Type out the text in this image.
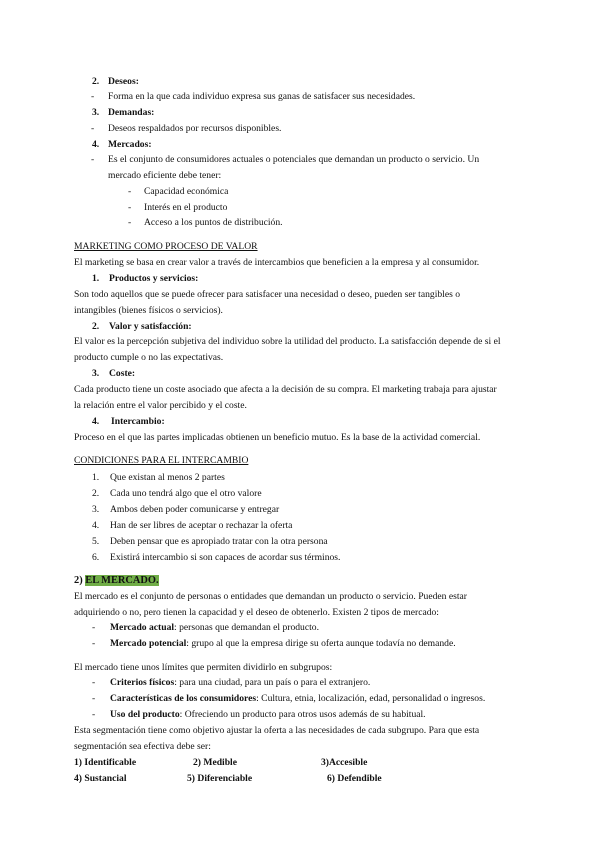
2. Deseos:
- Forma en la que cada individuo expresa sus ganas de satisfacer sus necesidades.
3. Demandas:
- Deseos respaldados por recursos disponibles.
4. Mercados:
- Es el conjunto de consumidores actuales o potenciales que demandan un producto o servicio. Un
mercado eficiente debe tener:
- Capacidad económica
- Interés en el producto
- Acceso a los puntos de distribución.
MARKETING COMO PROCESO DE VALOR
El marketing se basa en crear valor a través de intercambios que beneficien a la empresa y al consumidor.
1. Productos y servicios:
Son todo aquellos que se puede ofrecer para satisfacer una necesidad o deseo, pueden ser tangibles o
intangibles (bienes físicos o servicios).
2. Valor y satisfacción:
El valor es la percepción subjetiva del individuo sobre la utilidad del producto. La satisfacción depende de si el
producto cumple o no las expectativas.
3. Coste:
Cada producto tiene un coste asociado que afecta a la decisión de su compra. El marketing trabaja para ajustar
la relación entre el valor percibido y el coste.
4. Intercambio:
Proceso en el que las partes implicadas obtienen un beneficio mutuo. Es la base de la actividad comercial.
CONDICIONES PARA EL INTERCAMBIO
1. Que existan al menos 2 partes
2. Cada uno tendrá algo que el otro valore
3. Ambos deben poder comunicarse y entregar
4. Han de ser libres de aceptar o rechazar la oferta
5. Deben pensar que es apropiado tratar con la otra persona
6. Existirá intercambio si son capaces de acordar sus términos.
2) EL MERCADO.
El mercado es el conjunto de personas o entidades que demandan un producto o servicio. Pueden estar
adquiriendo o no, pero tienen la capacidad y el deseo de obtenerlo. Existen 2 tipos de mercado:
- Mercado actual: personas que demandan el producto.
- Mercado potencial: grupo al que la empresa dirige su oferta aunque todavía no demande.
El mercado tiene unos límites que permiten dividirlo en subgrupos:
- Criterios físicos: para una ciudad, para un país o para el extranjero.
- Características de los consumidores: Cultura, etnia, localización, edad, personalidad o ingresos.
- Uso del producto: Ofreciendo un producto para otros usos además de su habitual.
Esta segmentación tiene como objetivo ajustar la oferta a las necesidades de cada subgrupo. Para que esta
segmentación sea efectiva debe ser:
1) Identificable	2) Medible	3)Accesible
4) Sustancial	5) Diferenciable	6) Defendible
